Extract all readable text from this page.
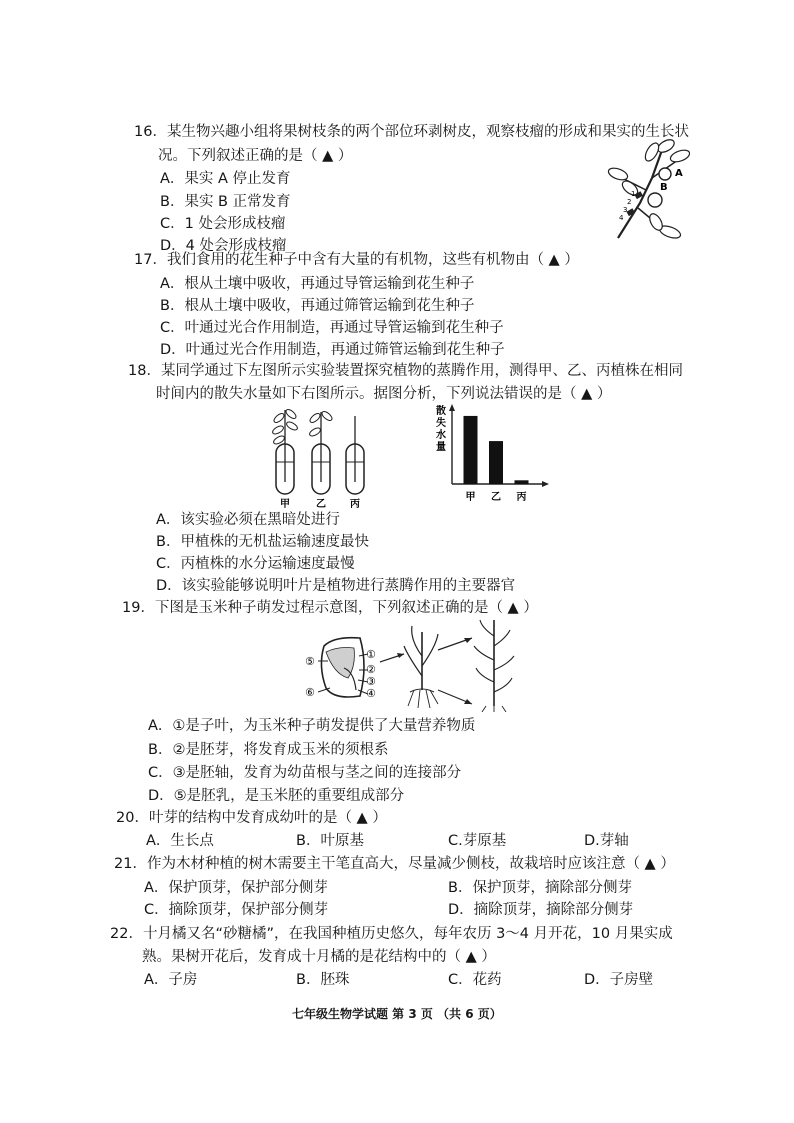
16．某生物兴趣小组将果树枝条的两个部位环剥树皮，观察枝瘤的形成和果实的生长状
况。下列叙述正确的是（ ▲ ）
A．果实 A 停止发育
B．果实 B 正常发育
C．1 处会形成枝瘤
D．4 处会形成枝瘤
A
B
1
2
3
4
17．我们食用的花生种子中含有大量的有机物，这些有机物由（ ▲ ）
A．根从土壤中吸收，再通过导管运输到花生种子
B．根从土壤中吸收，再通过筛管运输到花生种子
C．叶通过光合作用制造，再通过导管运输到花生种子
D．叶通过光合作用制造，再通过筛管运输到花生种子
18．某同学通过下左图所示实验装置探究植物的蒸腾作用，测得甲、乙、丙植株在相同
时间内的散失水量如下右图所示。据图分析，下列说法错误的是（ ▲ ）
甲	乙 丙
散
失
水
量
甲 乙 丙
A．该实验必须在黑暗处进行
B．甲植株的无机盐运输速度最快
C．丙植株的水分运输速度最慢
D．该实验能够说明叶片是植物进行蒸腾作用的主要器官
19．下图是玉米种子萌发过程示意图，下列叙述正确的是（ ▲ ）
⑤
⑥
①
②
③
④
A．①是子叶，为玉米种子萌发提供了大量营养物质
B．②是胚芽，将发育成玉米的须根系
C．③是胚轴，发育为幼苗根与茎之间的连接部分
D．⑤是胚乳，是玉米胚的重要组成部分
20．叶芽的结构中发育成幼叶的是（ ▲ ）
A．生长点	B．叶原基	C.芽原基	D.芽轴
21．作为木材种植的树木需要主干笔直高大，尽量减少侧枝，故栽培时应该注意（ ▲ ）
A．保护顶芽，保护部分侧芽	B．保护顶芽，摘除部分侧芽
C．摘除顶芽，保护部分侧芽	D．摘除顶芽，摘除部分侧芽
22．十月橘又名“砂糖橘”，在我国种植历史悠久，每年农历 3～4 月开花，10 月果实成
熟。果树开花后，发育成十月橘的是花结构中的（ ▲ ）
A．子房	B．胚珠	C．花药	D．子房壁
七年级生物学试题 第 3 页 （共 6 页）
